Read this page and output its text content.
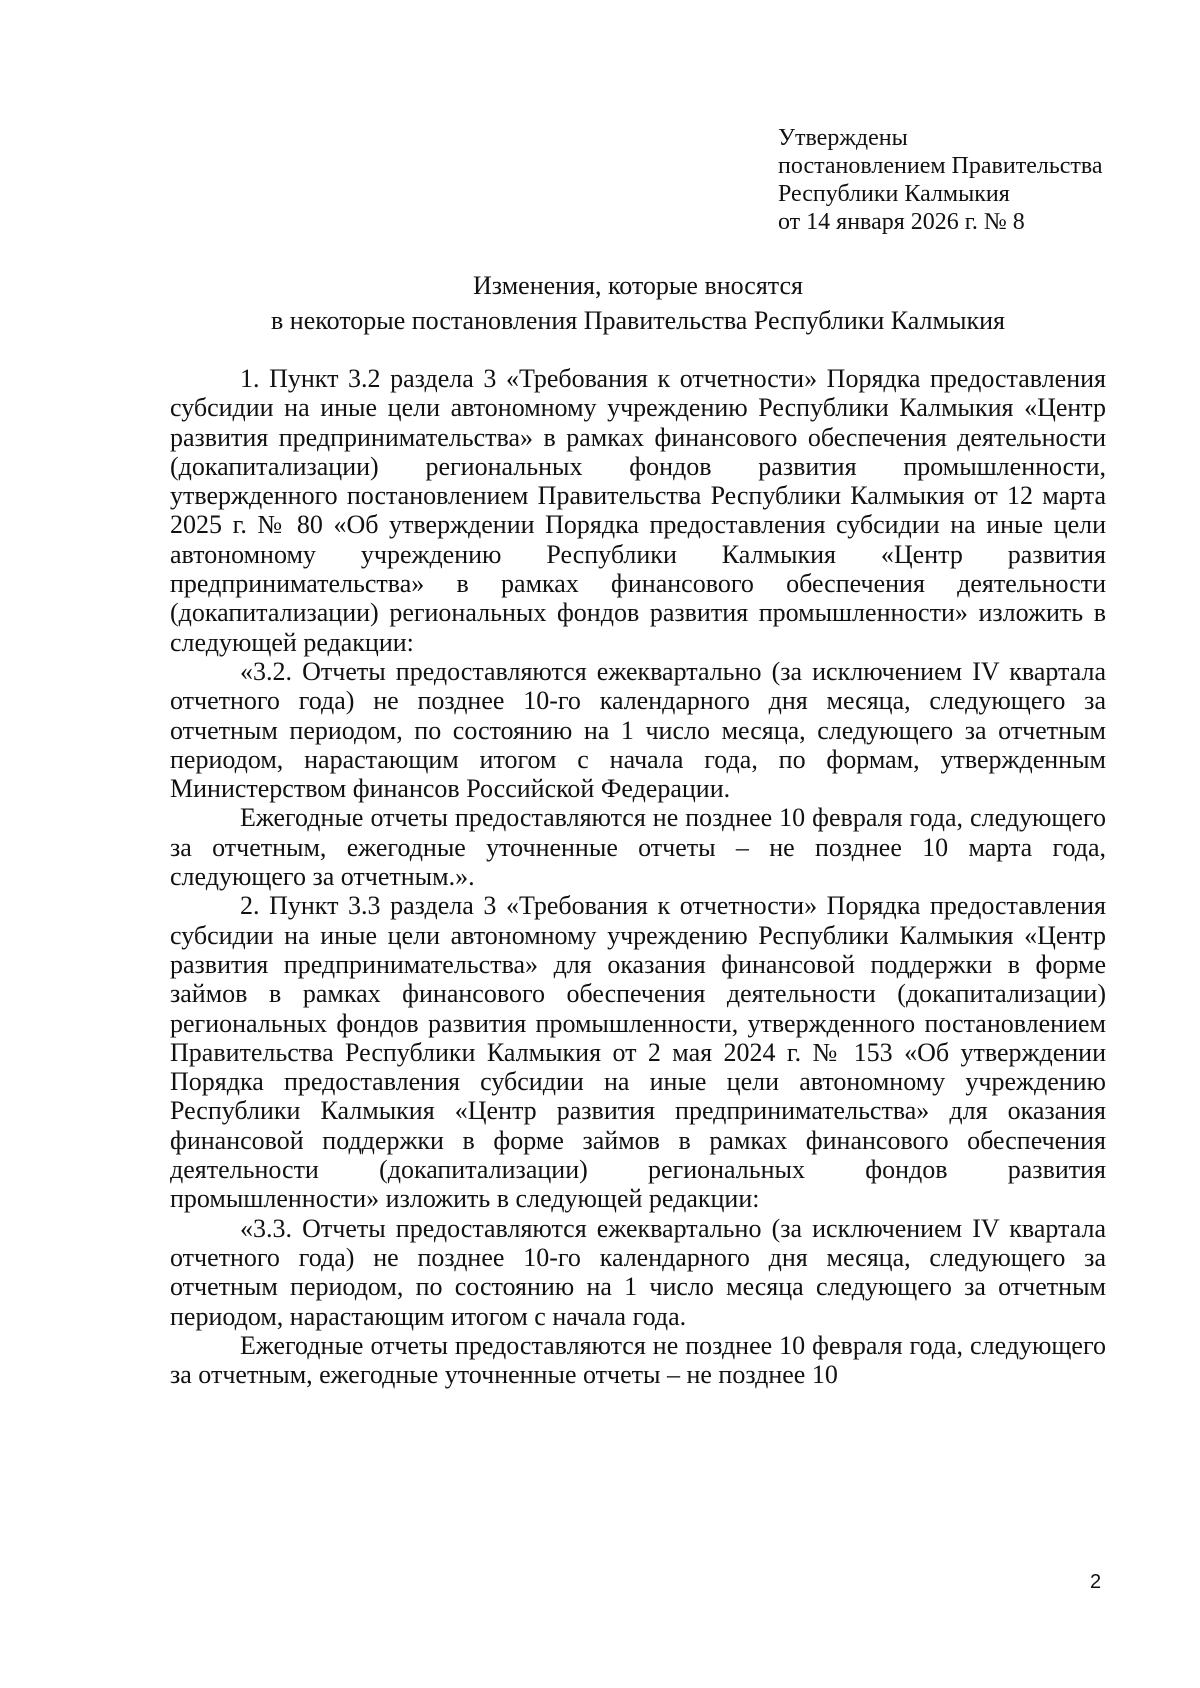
Утверждены
постановлением Правительства
Республики Калмыкия
от 14 января 2026 г. № 8
Изменения, которые вносятся
в некоторые постановления Правительства Республики Калмыкия

1. Пункт 3.2 раздела 3 «Требования к отчетности» Порядка предоставления субсидии на иные цели автономному учреждению Республики Калмыкия «Центр развития предпринимательства» в рамках финансового обеспечения деятельности (докапитализации) региональных фондов развития промышленности, утвержденного постановлением Правительства Республики Калмыкия от 12 марта 2025 г. № 80 «Об утверждении Порядка предоставления субсидии на иные цели автономному учреждению Республики Калмыкия «Центр развития предпринимательства» в рамках финансового обеспечения деятельности (докапитализации) региональных фондов развития промышленности» изложить в следующей редакции:

«3.2. Отчеты предоставляются ежеквартально (за исключением IV квартала отчетного года) не позднее 10-го календарного дня месяца, следующего за отчетным периодом, по состоянию на 1 число месяца, следующего за отчетным периодом, нарастающим итогом с начала года, по формам, утвержденным Министерством финансов Российской Федерации.

Ежегодные отчеты предоставляются не позднее 10 февраля года, следующего за отчетным, ежегодные уточненные отчеты – не позднее 10 марта года, следующего за отчетным.».

2. Пункт 3.3 раздела 3 «Требования к отчетности» Порядка предоставления субсидии на иные цели автономному учреждению Республики Калмыкия «Центр развития предпринимательства» для оказания финансовой поддержки в форме займов в рамках финансового обеспечения деятельности (докапитализации) региональных фондов развития промышленности, утвержденного постановлением Правительства Республики Калмыкия от 2 мая 2024 г. № 153 «Об утверждении Порядка предоставления субсидии на иные цели автономному учреждению Республики Калмыкия «Центр развития предпринимательства» для оказания финансовой поддержки в форме займов в рамках финансового обеспечения деятельности (докапитализации) региональных фондов развития промышленности» изложить в следующей редакции:

«3.3. Отчеты предоставляются ежеквартально (за исключением IV квартала отчетного года) не позднее 10-го календарного дня месяца, следующего за отчетным периодом, по состоянию на 1 число месяца следующего за отчетным периодом, нарастающим итогом с начала года.

Ежегодные отчеты предоставляются не позднее 10 февраля года, следующего за отчетным, ежегодные уточненные отчеты – не позднее 10

2
